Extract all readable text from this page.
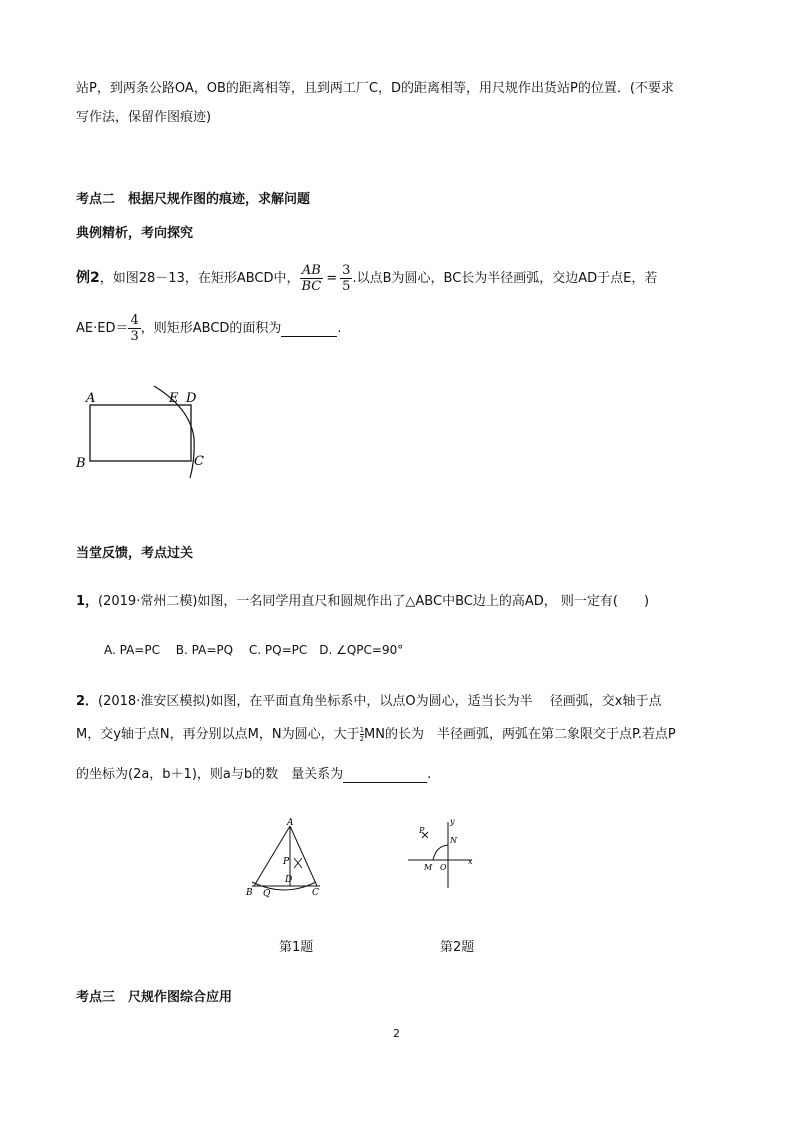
站P，到两条公路OA，OB的距离相等，且到两工厂C，D的距离相等，用尺规作出货站P的位置．(不要求
写作法，保留作图痕迹)
考点二　根据尺规作图的痕迹，求解问题
典例精析，考向探究
例2，如图28－13，在矩形ABCD中， $\frac{AB}{BC} = \frac{3}{5}$ .以点B为圆心，BC长为半径画弧，交边AD于点E，若
$AE\cdot ED= \frac{4}{3}$ ，则矩形ABCD的面积为	.
A	E D
B	C
当堂反馈，考点过关
1，(2019·常州二模)如图，一名同学用直尺和圆规作出了△ABC中BC边上的高AD， 则一定有(　　)
A. PA=PC　 B. PA=PQ　 C. PQ=PC　D. ∠QPC=90°
2．(2018·淮安区模拟)如图，在平面直角坐标系中，以点O为圆心，适当长为半　 径画弧，交x轴于点
M，交y轴于点N，再分别以点M，N为圆心，大于 $\frac{1}{2}$ MN的长为　半径画弧，两弧在第二象限交于点P.若点P
的坐标为(2a，b＋1)，则a与b的数　量关系为	.
A
P
D
B Q	C
第1题
y
P
N
M O
x
第2题
考点三　尺规作图综合应用
2
